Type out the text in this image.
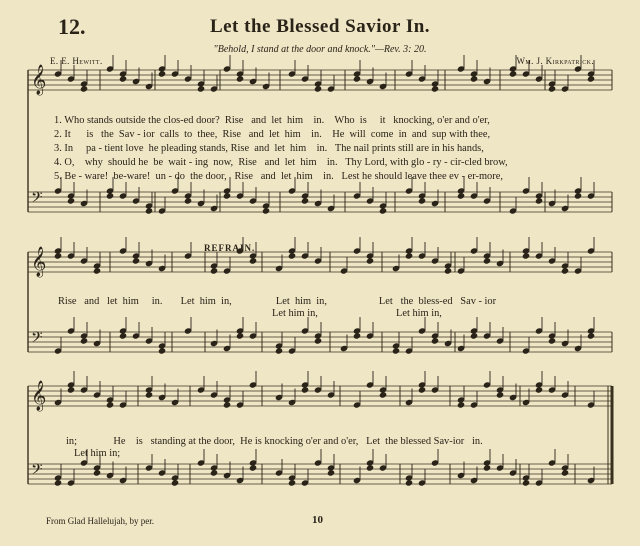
12.	Let the Blessed Savior In.
"Behold, I stand at the door and knock."—Rev. 3: 20.
E. E. Hewitt.	Wm. J. Kirkpatrick.
𝄞
𝄢
𝄞
𝄢
𝄞
𝄢
1. Who stands outside the clos-ed door?  Rise   and  let  him    in.    Who  is     it   knocking, o'er and o'er,
2. It      is   the  Sav - ior  calls  to  thee,  Rise   and  let  him    in.    He  will  come  in  and  sup with thee,
3. In     pa - tient love  he pleading stands, Rise  and  let  him    in.   The nail prints still are in his hands,
4. O,    why  should he  be  wait - ing  now,  Rise   and  let  him    in.   Thy Lord, with glo - ry - cir-cled brow,
5. Be - ware!  be-ware!  un - do  the door,   Rise   and  let  him    in.   Lest he should leave thee ev - er-more,
REFRAIN.
Rise   and   let  him     in.       Let  him  in,                 Let  him  in,                    Let   the  bless-ed   Sav - ior
Let him in,	Let him in,
in;              He    is   standing at the door,  He is knocking o'er and o'er,   Let  the blessed Sav-ior   in.
Let him in;
From Glad Hallelujah, by per.	10
